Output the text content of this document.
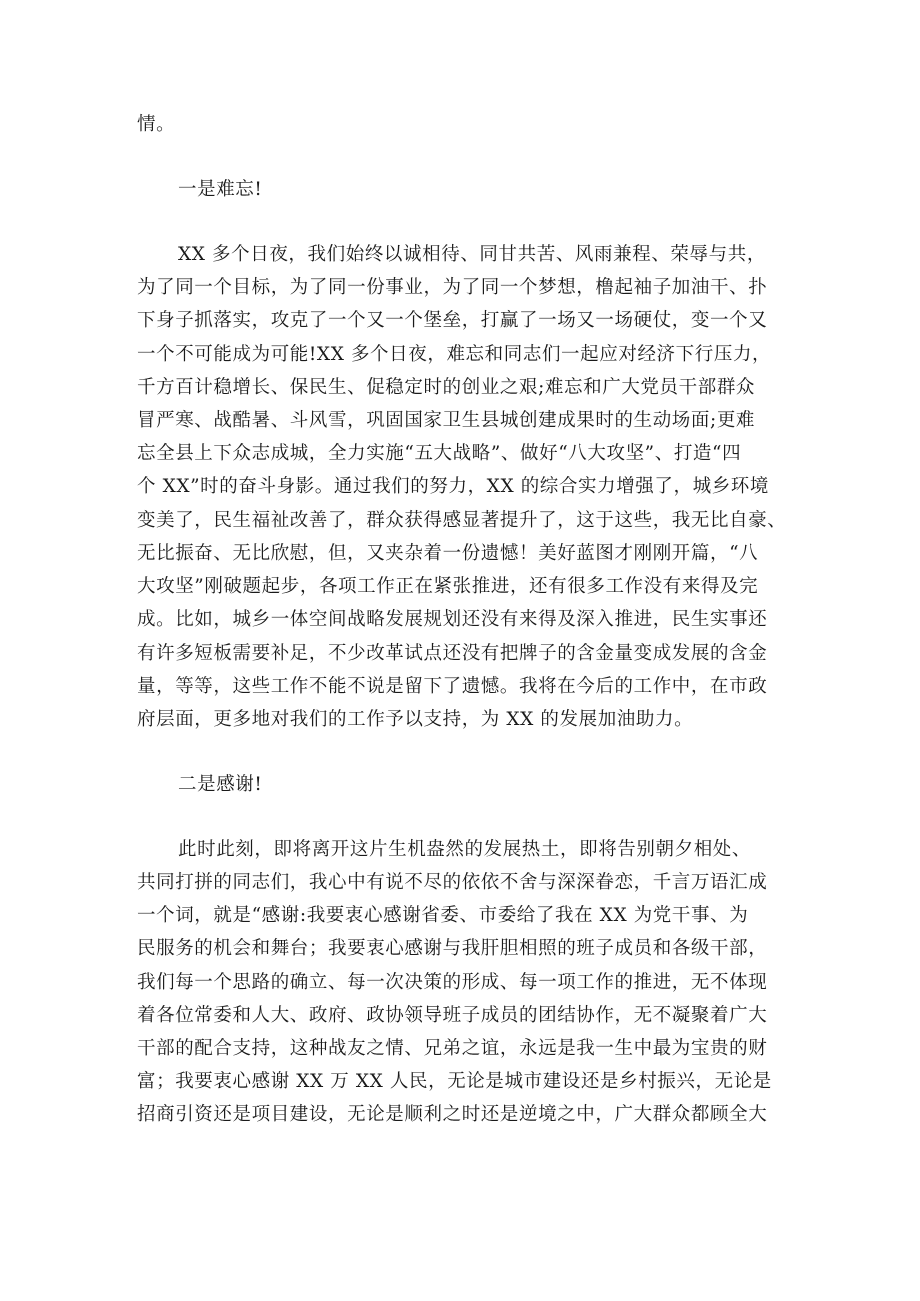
情。
一是难忘!
XX 多个日夜，我们始终以诚相待、同甘共苦、风雨兼程、荣辱与共，
为了同一个目标，为了同一份事业，为了同一个梦想，橹起袖子加油干、扑
下身子抓落实，攻克了一个又一个堡垒，打赢了一场又一场硬仗，变一个又
一个不可能成为可能!XX 多个日夜，难忘和同志们一起应对经济下行压力，
千方百计稳增长、保民生、促稳定时的创业之艰;难忘和广大党员干部群众
冒严寒、战酷暑、斗风雪，巩固国家卫生县城创建成果时的生动场面;更难
忘全县上下众志成城，全力实施“五大战略”、做好“八大攻坚”、打造“四
个 XX”时的奋斗身影。通过我们的努力，XX 的综合实力增强了，城乡环境
变美了，民生福祉改善了，群众获得感显著提升了，这于这些，我无比自豪、
无比振奋、无比欣慰，但，又夹杂着一份遗憾！美好蓝图才刚刚开篇，“八
大攻坚”刚破题起步，各项工作正在紧张推进，还有很多工作没有来得及完
成。比如，城乡一体空间战略发展规划还没有来得及深入推进，民生实事还
有许多短板需要补足，不少改革试点还没有把牌子的含金量变成发展的含金
量，等等，这些工作不能不说是留下了遗憾。我将在今后的工作中，在市政
府层面，更多地对我们的工作予以支持，为 XX 的发展加油助力。
二是感谢!
此时此刻，即将离开这片生机盎然的发展热土，即将告别朝夕相处、
共同打拼的同志们，我心中有说不尽的依依不舍与深深眷恋，千言万语汇成
一个词，就是“感谢:我要衷心感谢省委、市委给了我在 XX 为党干事、为
民服务的机会和舞台；我要衷心感谢与我肝胆相照的班子成员和各级干部，
我们每一个思路的确立、每一次决策的形成、每一项工作的推进，无不体现
着各位常委和人大、政府、政协领导班子成员的团结协作，无不凝聚着广大
干部的配合支持，这种战友之情、兄弟之谊，永远是我一生中最为宝贵的财
富；我要衷心感谢 XX 万 XX 人民，无论是城市建设还是乡村振兴，无论是
招商引资还是项目建设，无论是顺利之时还是逆境之中，广大群众都顾全大
